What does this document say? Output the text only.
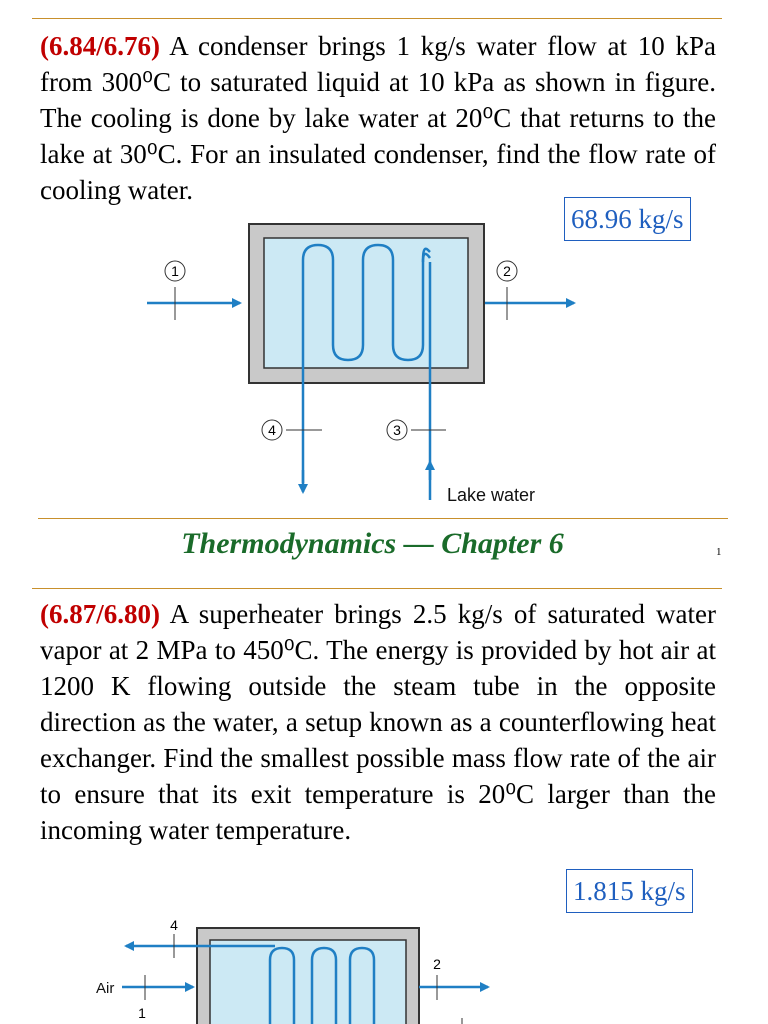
(6.84/6.76) A condenser brings 1 kg/s water flow at 10 kPa from 300⁰C to saturated liquid at 10 kPa as shown in figure. The cooling is done by lake water at 20⁰C that returns to the lake at 30⁰C. For an insulated condenser, find the flow rate of cooling water.

68.96 kg/s
1	2
4	3
Lake water
Thermodynamics — Chapter 6	1

(6.87/6.80) A superheater brings 2.5 kg/s of saturated water vapor at 2 MPa to 450⁰C. The energy is provided by hot air at 1200 K flowing outside the steam tube in the opposite direction as the water, a setup known as a counterflowing heat exchanger. Find the smallest possible mass flow rate of the air to ensure that its exit temperature is 20⁰C larger than the incoming water temperature.

1.815 kg/s
4
1
Air
2
